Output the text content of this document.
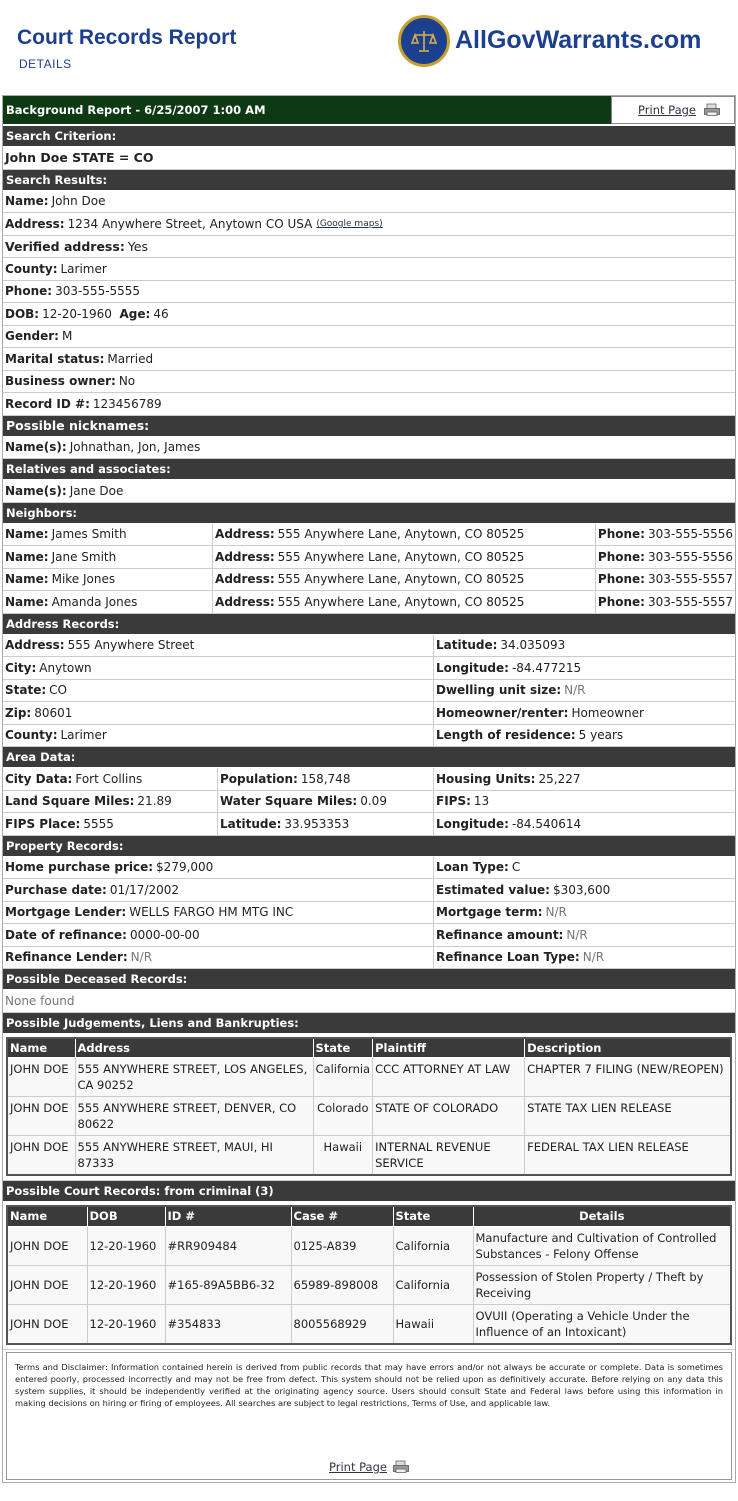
Court Records Report
DETAILS
AllGovWarrants.com
Background Report - 6/25/2007 1:00 AM	Print Page
Search Criterion:
John Doe STATE = CO
Search Results:
Name: John Doe
Address: 1234 Anywhere Street, Anytown CO USA (Google maps)
Verified address: Yes
County: Larimer
Phone: 303-555-5555
DOB: 12-20-1960
Age: 46
Gender: M
Marital status: Married
Business owner: No
Record ID #: 123456789
Possible nicknames:
Name(s): Johnathan, Jon, James
Relatives and associates:
Name(s): Jane Doe
Neighbors:
Name: James Smith	Address: 555 Anywhere Lane, Anytown, CO 80525	Phone: 303-555-5556
Name: Jane Smith	Address: 555 Anywhere Lane, Anytown, CO 80525	Phone: 303-555-5556
Name: Mike Jones	Address: 555 Anywhere Lane, Anytown, CO 80525	Phone: 303-555-5557
Name: Amanda Jones	Address: 555 Anywhere Lane, Anytown, CO 80525	Phone: 303-555-5557
Address Records:
Address: 555 Anywhere Street	Latitude: 34.035093
City: Anytown	Longitude: -84.477215
State: CO	Dwelling unit size: N/R
Zip: 80601	Homeowner/renter: Homeowner
County: Larimer	Length of residence: 5 years
Area Data:
City Data: Fort Collins	Population: 158,748	Housing Units: 25,227
Land Square Miles: 21.89	Water Square Miles: 0.09	FIPS: 13
FIPS Place: 5555	Latitude: 33.953353	Longitude: -84.540614
Property Records:
Home purchase price: $279,000	Loan Type: C
Purchase date: 01/17/2002	Estimated value: $303,600
Mortgage Lender: WELLS FARGO HM MTG INC	Mortgage term: N/R
Date of refinance: 0000-00-00	Refinance amount: N/R
Refinance Lender: N/R	Refinance Loan Type: N/R
Possible Deceased Records:
None found
Possible Judgements, Liens and Bankrupties:
Name	Address	State	Plaintiff	Description
JOHN DOE	555 ANYWHERE STREET, LOS ANGELES, CA 90252	California	CCC ATTORNEY AT LAW	CHAPTER 7 FILING (NEW/REOPEN)
JOHN DOE	555 ANYWHERE STREET, DENVER, CO 80622	Colorado	STATE OF COLORADO	STATE TAX LIEN RELEASE
JOHN DOE	555 ANYWHERE STREET, MAUI, HI 87333	Hawaii	INTERNAL REVENUE SERVICE	FEDERAL TAX LIEN RELEASE
Possible Court Records: from criminal (3)
Name	DOB	ID #	Case #	State	Details
JOHN DOE	12-20-1960	#RR909484	0125-A839	California	Manufacture and Cultivation of Controlled Substances - Felony Offense
JOHN DOE	12-20-1960	#165-89A5BB6-32	65989-898008	California	Possession of Stolen Property / Theft by Receiving
JOHN DOE	12-20-1960	#354833	8005568929	Hawaii	OVUII (Operating a Vehicle Under the Influence of an Intoxicant)
Terms and Disclaimer: Information contained herein is derived from public records that may have errors and/or not always be accurate or complete. Data is sometimes entered poorly, processed incorrectly and may not be free from defect. This system should not be relied upon as definitively accurate. Before relying on any data this system supplies, it should be independently verified at the originating agency source. Users should consult State and Federal laws before using this information in making decisions on hiring or firing of employees. All searches are subject to legal restrictions, Terms of Use, and applicable law.
Print Page
